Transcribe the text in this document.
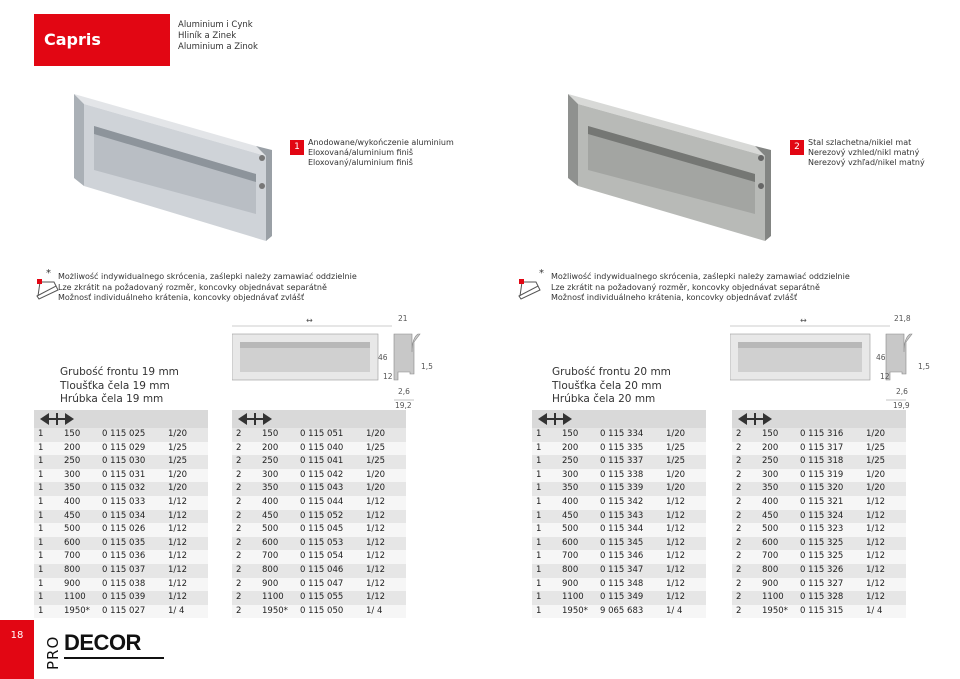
Capris
Aluminium i Cynk
Hliník a Zinek
Aluminium a Zinok
1	Anodowane/wykończenie aluminium
Eloxovaná/aluminium finiš
Eloxovaný/aluminium finiš
2	Stal szlachetna/nikiel mat
Nerezový vzhled/nikl matný
Nerezový vzhľad/nikel matný
* Możliwość indywidualnego skrócenia, zaślepki należy zamawiać oddzielnie
Lze zkrátit na požadovaný rozměr, koncovky objednávat separátně
Možnosť individuálneho krátenia, koncovky objednávať zvlášť
* Możliwość indywidualnego skrócenia, zaślepki należy zamawiać oddzielnie
Lze zkrátit na požadovaný rozměr, koncovky objednávat separátně
Možnosť individuálneho krátenia, koncovky objednávať zvlášť
Grubość frontu 19 mm
Tloušťka čela 19 mm
Hrúbka čela 19 mm
↔	21
46
12
1,5
2,6
19,2
Grubość frontu 20 mm
Tloušťka čela 20 mm
Hrúbka čela 20 mm
↔	21,8
46
12
1,5
2,6
19,9
1	150	0 115 025	1/20
1	200	0 115 029	1/25
1	250	0 115 030	1/25
1	300	0 115 031	1/20
1	350	0 115 032	1/20
1	400	0 115 033	1/12
1	450	0 115 034	1/12
1	500	0 115 026	1/12
1	600	0 115 035	1/12
1	700	0 115 036	1/12
1	800	0 115 037	1/12
1	900	0 115 038	1/12
1	1100	0 115 039	1/12
1	1950*	0 115 027	1/ 4
2	150	0 115 051	1/20
2	200	0 115 040	1/25
2	250	0 115 041	1/25
2	300	0 115 042	1/20
2	350	0 115 043	1/20
2	400	0 115 044	1/12
2	450	0 115 052	1/12
2	500	0 115 045	1/12
2	600	0 115 053	1/12
2	700	0 115 054	1/12
2	800	0 115 046	1/12
2	900	0 115 047	1/12
2	1100	0 115 055	1/12
2	1950*	0 115 050	1/ 4
1	150	0 115 334	1/20
1	200	0 115 335	1/25
1	250	0 115 337	1/25
1	300	0 115 338	1/20
1	350	0 115 339	1/20
1	400	0 115 342	1/12
1	450	0 115 343	1/12
1	500	0 115 344	1/12
1	600	0 115 345	1/12
1	700	0 115 346	1/12
1	800	0 115 347	1/12
1	900	0 115 348	1/12
1	1100	0 115 349	1/12
1	1950*	9 065 683	1/ 4
2	150	0 115 316	1/20
2	200	0 115 317	1/25
2	250	0 115 318	1/25
2	300	0 115 319	1/20
2	350	0 115 320	1/20
2	400	0 115 321	1/12
2	450	0 115 324	1/12
2	500	0 115 323	1/12
2	600	0 115 325	1/12
2	700	0 115 325	1/12
2	800	0 115 326	1/12
2	900	0 115 327	1/12
2	1100	0 115 328	1/12
2	1950*	0 115 315	1/ 4
18
PRO DECOR
